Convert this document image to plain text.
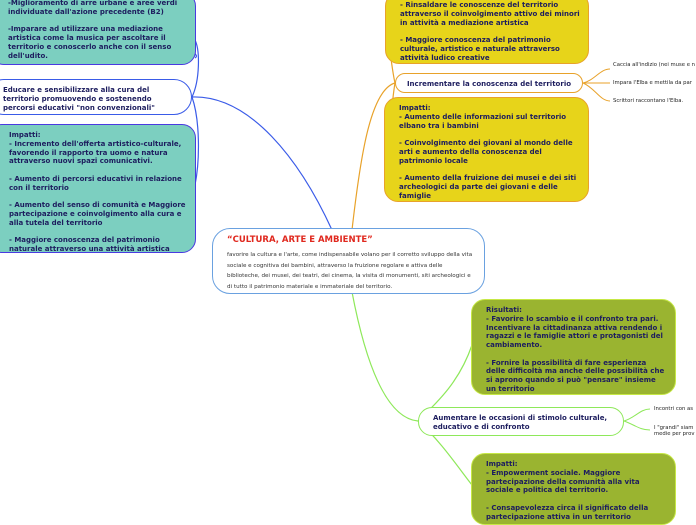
-Miglioramento di arre urbane e aree verdi individuate dall'azione precedente (B2)

-Imparare ad utilizzare una mediazione artistica come la musica per ascoltare il territorio e conoscerlo anche con il senso dell'udito.

Educare e sensibilizzare alla cura del territorio promuovendo e sostenendo percorsi educativi "non convenzionali"

Impatti:
- Incremento dell'offerta artistico-culturale, favorendo il rapporto tra uomo e natura attraverso nuovi spazi comunicativi.

- Aumento di percorsi educativi in relazione con il territorio

- Aumento del senso di comunità e Maggiore partecipazione e coinvolgimento alla cura e alla tutela del territorio

- Maggiore conoscenza del patrimonio naturale attraverso una attività artistica

“CULTURA, ARTE E AMBIENTE”
favorire la cultura e l'arte, come indispensabile volano per il corretto sviluppo della vita sociale e cognitiva dei bambini, attraverso la fruizione regolare e attiva delle biblioteche, dei musei, dei teatri, dei cinema, la visita di monumenti, siti archeologici e di tutto il patrimonio materiale e immateriale del territorio.

- Rinsaldare le conoscenze del territorio attraverso il coinvolgimento attivo dei minori in attività a mediazione artistica

- Maggiore conoscenza del patrimonio culturale, artistico e naturale attraverso attività ludico creative

Incrementare la conoscenza del territorio

Caccia all'indizio (nei muse e n
Impara l'Elba e mettila da par
Scrittori raccontano l'Elba.

Impatti:
- Aumento delle informazioni sul territorio elbano tra i bambini

- Coinvolgimento dei giovani al mondo delle arti e aumento della conoscenza del patrimonio locale

- Aumento della fruizione dei musei e dei siti archeologici da parte dei giovani e delle famiglie

Risultati:
- Favorire lo scambio e il confronto tra pari. Incentivare la cittadinanza attiva rendendo i ragazzi e le famiglie attori e protagonisti del cambiamento.

- Fornire la possibilità di fare esperienza delle difficoltà ma anche delle possibilità che si aprono quando si può "pensare" insieme un territorio

Aumentare le occasioni di stimolo culturale, educativo e di confronto

Incontri con as
I "grandi" siam
medie per prov

Impatti:
- Empowerment sociale. Maggiore partecipazione della comunità alla vita sociale e politica del territorio.

- Consapevolezza circa il significato della partecipazione attiva in un territorio
